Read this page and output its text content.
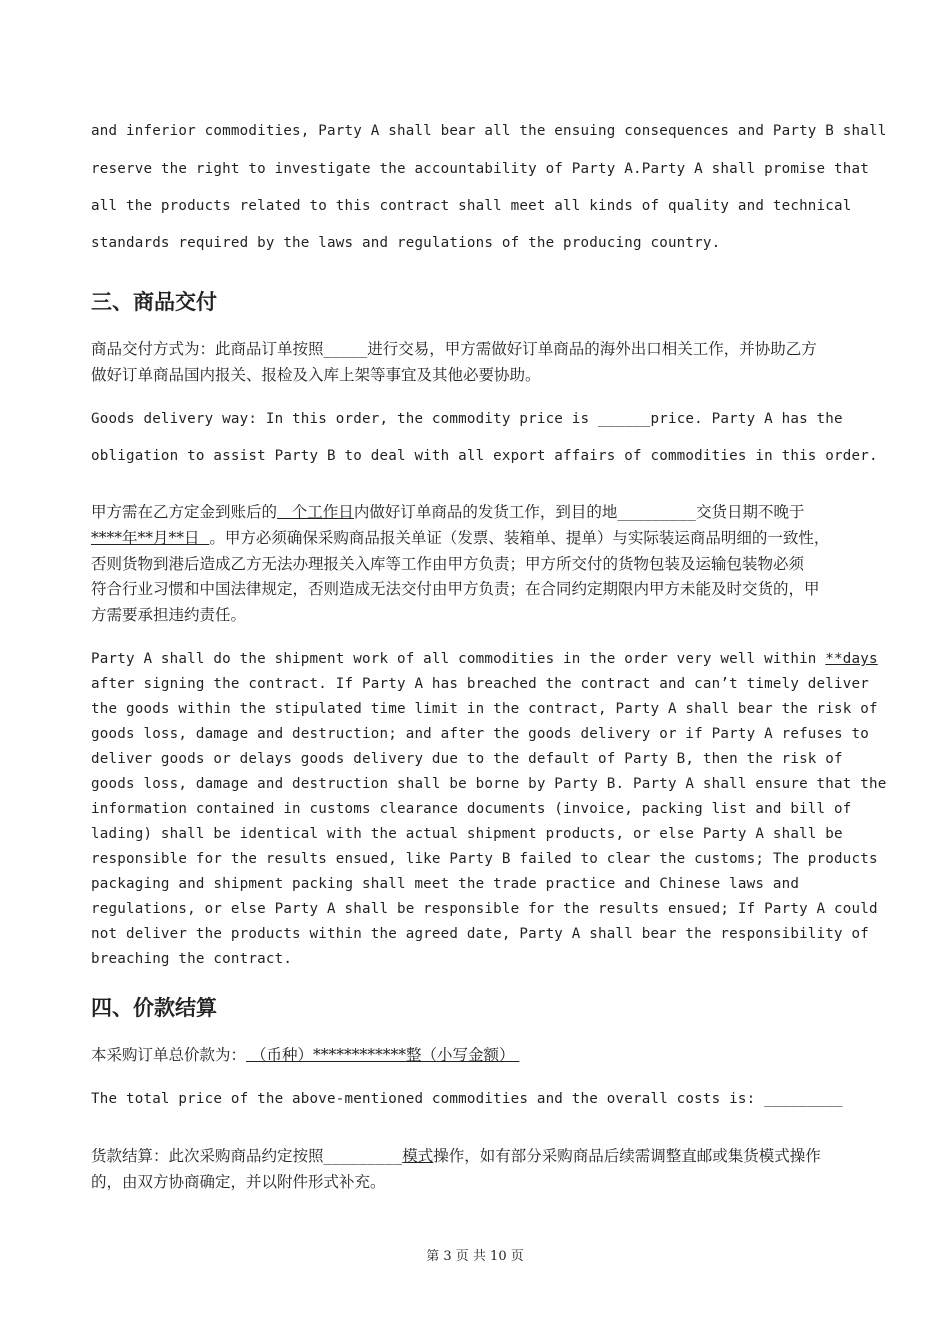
and inferior commodities, Party A shall bear all the ensuing consequences and Party B shall
reserve the right to investigate the accountability of Party A.Party A shall promise that
all the products related to this contract shall meet all kinds of quality and technical
standards required by the laws and regulations of the producing country.
三、商品交付
商品交付方式为：此商品订单按照_____进行交易，甲方需做好订单商品的海外出口相关工作，并协助乙方
做好订单商品国内报关、报检及入库上架等事宜及其他必要协助。
Goods delivery way: In this order, the commodity price is ______price. Party A has the
obligation to assist Party B to deal with all export affairs of commodities in this order.
甲方需在乙方定金到账后的   个工作日内做好订单商品的发货工作，到目的地_________交货日期不晚于
****年**月**日  。甲方必须确保采购商品报关单证（发票、装箱单、提单）与实际装运商品明细的一致性，
否则货物到港后造成乙方无法办理报关入库等工作由甲方负责；甲方所交付的货物包装及运输包装物必须
符合行业习惯和中国法律规定，否则造成无法交付由甲方负责；在合同约定期限内甲方未能及时交货的，甲
方需要承担违约责任。
Party A shall do the shipment work of all commodities in the order very well within **days
after signing the contract. If Party A has breached the contract and can’t timely deliver
the goods within the stipulated time limit in the contract, Party A shall bear the risk of
goods loss, damage and destruction; and after the goods delivery or if Party A refuses to
deliver goods or delays goods delivery due to the default of Party B, then the risk of
goods loss, damage and destruction shall be borne by Party B. Party A shall ensure that the
information contained in customs clearance documents (invoice, packing list and bill of
lading) shall be identical with the actual shipment products, or else Party A shall be
responsible for the results ensued, like Party B failed to clear the customs; The products
packaging and shipment packing shall meet the trade practice and Chinese laws and
regulations, or else Party A shall be responsible for the results ensued; If Party A could
not deliver the products within the agreed date, Party A shall bear the responsibility of
breaching the contract.
四、价款结算
本采购订单总价款为： （币种）************整（小写金额）
The total price of the above-mentioned commodities and the overall costs is: _________
货款结算：此次采购商品约定按照_________模式操作，如有部分采购商品后续需调整直邮或集货模式操作
的，由双方协商确定，并以附件形式补充。
第 3 页 共 10 页
